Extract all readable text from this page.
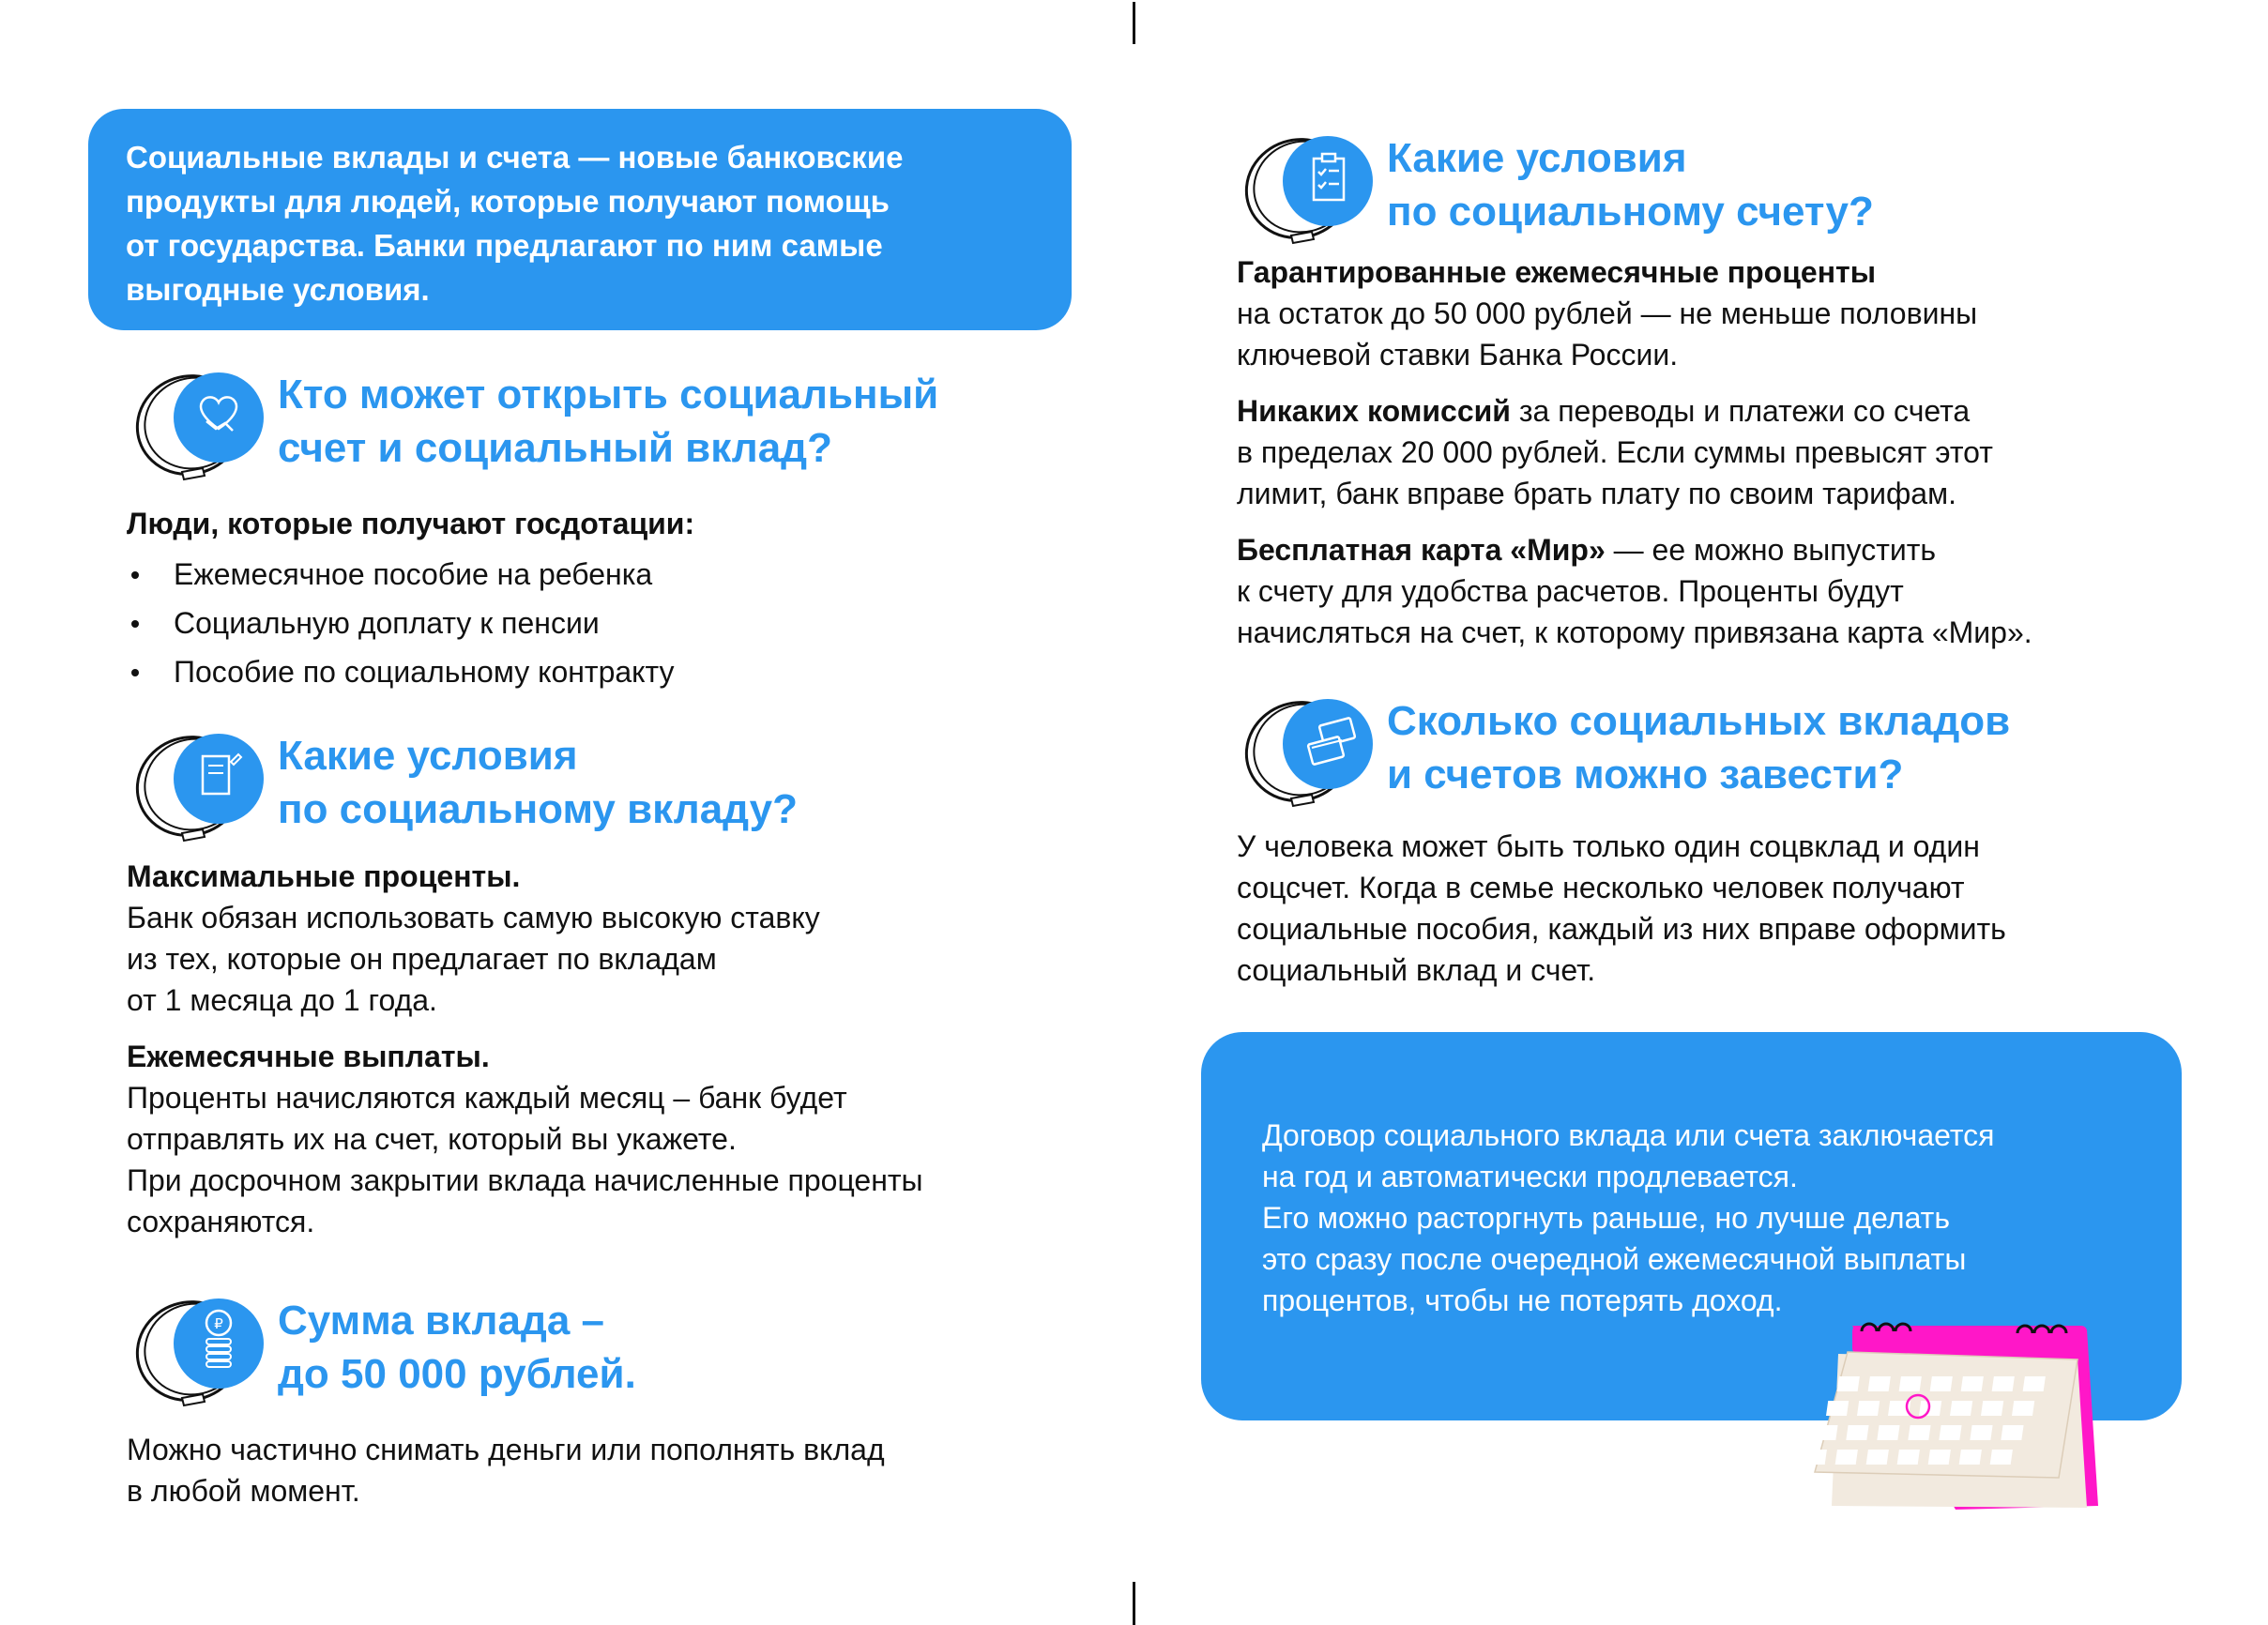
Социальные вклады и счета — новые банковские
продукты для людей, которые получают помощь
от государства. Банки предлагают по ним самые
выгодные условия.

Кто может открыть социальный
счет и социальный вклад?

Люди, которые получают госдотации:

Ежемесячное пособие на ребенка
Социальную доплату к пенсии
Пособие по социальному контракту
Какие условия
по социальному вкладу?

Максимальные проценты.

Банк обязан использовать самую высокую ставку

из тех, которые он предлагает по вкладам

от 1 месяца до 1 года.

Ежемесячные выплаты.

Проценты начисляются каждый месяц – банк будет

отправлять их на счет, который вы укажете.

При досрочном закрытии вклада начисленные проценты

сохраняются.

₽ Сумма вклада –
до 50 000 рублей.

Можно частично снимать деньги или пополнять вклад

в любой момент.

Какие условия
по социальному счету?

Гарантированные ежемесячные проценты

на остаток до 50 000 рублей — не меньше половины

ключевой ставки Банка России.

Никаких комиссий за переводы и платежи со счета

в пределах 20 000 рублей. Если суммы превысят этот

лимит, банк вправе брать плату по своим тарифам.

Бесплатная карта «Мир» — ее можно выпустить

к счету для удобства расчетов. Проценты будут

начисляться на счет, к которому привязана карта «Мир».

Сколько социальных вкладов
и счетов можно завести?

У человека может быть только один соцвклад и один

соцсчет. Когда в семье несколько человек получают

социальные пособия, каждый из них вправе оформить

социальный вклад и счет.

Договор социального вклада или счета заключается
на год и автоматически продлевается.
Его можно расторгнуть раньше, но лучше делать
это сразу после очередной ежемесячной выплаты
процентов, чтобы не потерять доход.
